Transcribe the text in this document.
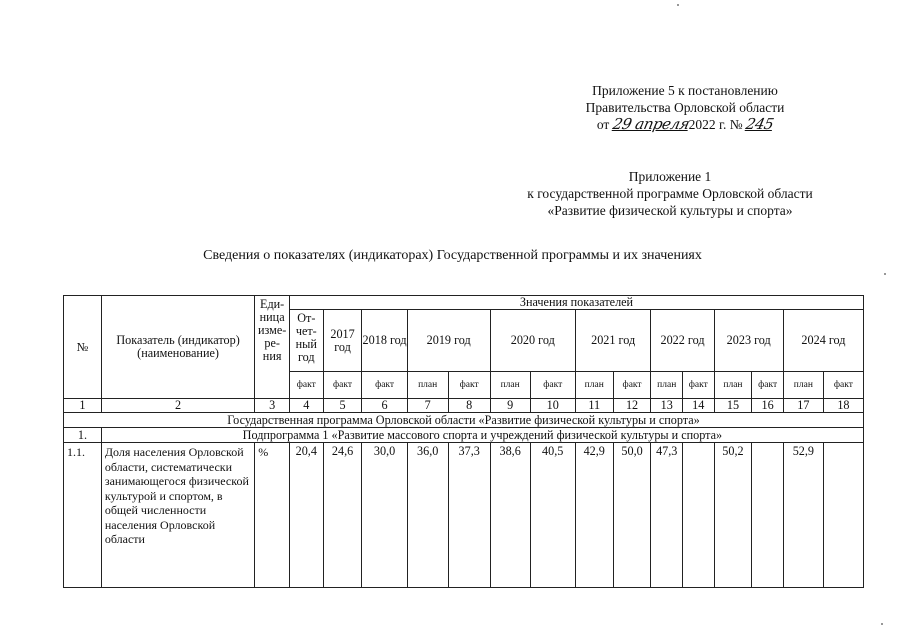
Приложение 5 к постановлению
Правительства Орловской области
от 29 апреля2022 г. № 245
Приложение 1
к государственной программе Орловской области
«Развитие физической культуры и спорта»
Сведения о показателях (индикаторах) Государственной программы и их значениях
№	Показатель (индикатор) (наименование)	Еди- ница изме- ре- ния	Значения показателей														
			От- чет- ный год	2017 год	2018 год	2019 год		2020 год		2021 год		2022 год		2023 год		2024 год	
			факт	факт	факт	план	факт	план	факт	план	факт	план	факт	план	факт	план	факт
1	2	3	4	5	6	7	8	9	10	11	12	13	14	15	16	17	18
Государственная программа Орловской области «Развитие физической культуры и спорта»																	
1.	Подпрограмма 1 «Развитие массового спорта и учреждений физической культуры и спорта»																
1.1.	Доля населения Орловской области, систематически занимающегося физической культурой и спортом, в общей численности населения Орловской области	%	20,4	24,6	30,0	36,0	37,3	38,6	40,5	42,9	50,0	47,3		50,2		52,9	
